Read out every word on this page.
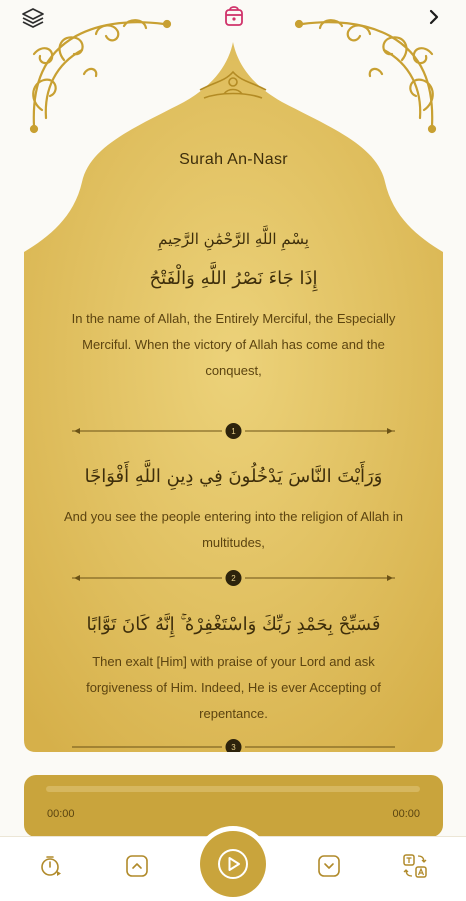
Surah An-Nasr
بِسْمِ اللَّهِ الرَّحْمَٰنِ الرَّحِيمِ
إِذَا جَاءَ نَصْرُ اللَّهِ وَالْفَتْحُ
In the name of Allah, the Entirely Merciful, the Especially Merciful. When the victory of Allah has come and the conquest,
1
وَرَأَيْتَ النَّاسَ يَدْخُلُونَ فِي دِينِ اللَّهِ أَفْوَاجًا
And you see the people entering into the religion of Allah in multitudes,
2
فَسَبِّحْ بِحَمْدِ رَبِّكَ وَاسْتَغْفِرْهُ ۚ إِنَّهُ كَانَ تَوَّابًا
Then exalt [Him] with praise of your Lord and ask forgiveness of Him. Indeed, He is ever Accepting of repentance.
3
00:00	00:00
